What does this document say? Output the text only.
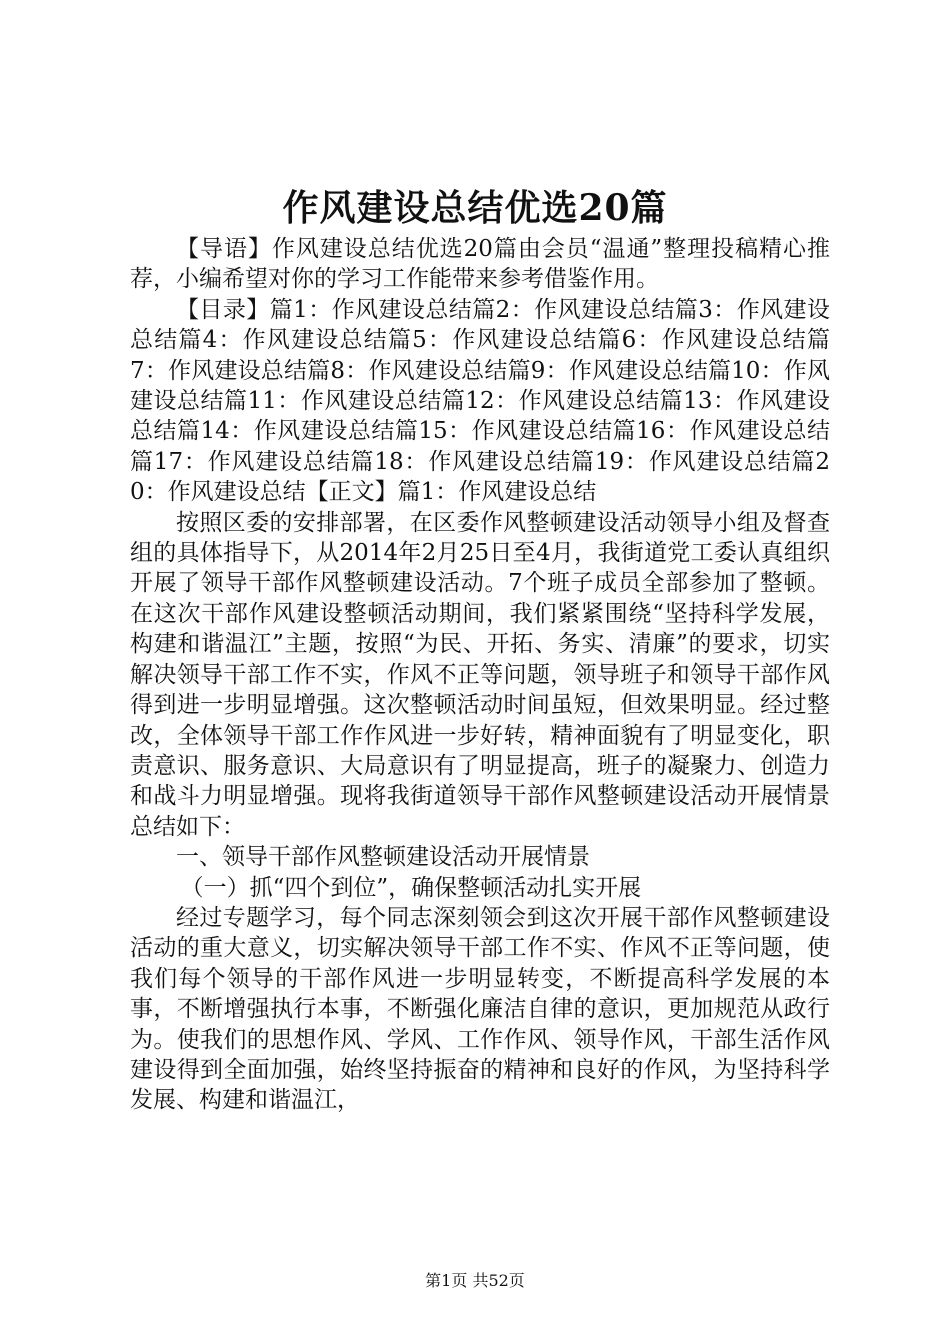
作风建设总结优选20篇

【导语】作风建设总结优选20篇由会员“温通”整理投稿精心推荐，小编希望对你的学习工作能带来参考借鉴作用。

【目录】篇1：作风建设总结篇2：作风建设总结篇3：作风建设总结篇4：作风建设总结篇5：作风建设总结篇6：作风建设总结篇7：作风建设总结篇8：作风建设总结篇9：作风建设总结篇10：作风建设总结篇11：作风建设总结篇12：作风建设总结篇13：作风建设总结篇14：作风建设总结篇15：作风建设总结篇16：作风建设总结篇17：作风建设总结篇18：作风建设总结篇19：作风建设总结篇20：作风建设总结【正文】篇1：作风建设总结

按照区委的安排部署，在区委作风整顿建设活动领导小组及督查组的具体指导下，从2014年2月25日至4月，我街道党工委认真组织开展了领导干部作风整顿建设活动。7个班子成员全部参加了整顿。在这次干部作风建设整顿活动期间，我们紧紧围绕“坚持科学发展，构建和谐温江”主题，按照“为民、开拓、务实、清廉”的要求，切实解决领导干部工作不实，作风不正等问题，领导班子和领导干部作风得到进一步明显增强。这次整顿活动时间虽短，但效果明显。经过整改，全体领导干部工作作风进一步好转，精神面貌有了明显变化，职责意识、服务意识、大局意识有了明显提高，班子的凝聚力、创造力和战斗力明显增强。现将我街道领导干部作风整顿建设活动开展情景总结如下：

一、领导干部作风整顿建设活动开展情景

（一）抓“四个到位”，确保整顿活动扎实开展

经过专题学习，每个同志深刻领会到这次开展干部作风整顿建设活动的重大意义，切实解决领导干部工作不实、作风不正等问题，使我们每个领导的干部作风进一步明显转变，不断提高科学发展的本事，不断增强执行本事，不断强化廉洁自律的意识，更加规范从政行为。使我们的思想作风、学风、工作作风、领导作风，干部生活作风建设得到全面加强，始终坚持振奋的精神和良好的作风，为坚持科学发展、构建和谐温江，

第1页 共52页
